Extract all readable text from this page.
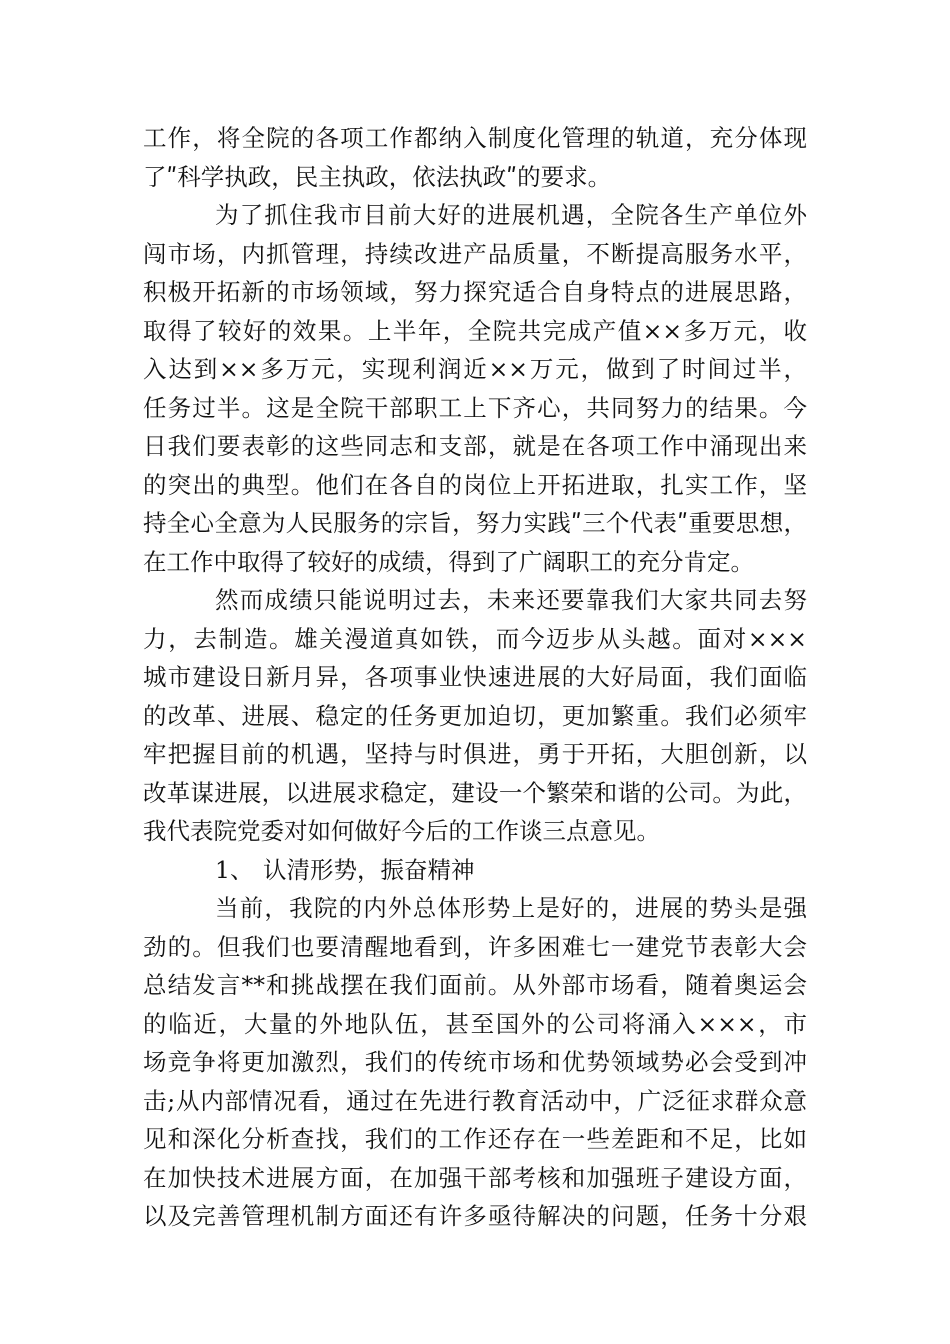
工作，将全院的各项工作都纳入制度化管理的轨道，充分体现
了ʺ科学执政，民主执政，依法执政ʺ的要求。
为了抓住我市目前大好的进展机遇，全院各生产单位外
闯市场，内抓管理，持续改进产品质量，不断提高服务水平，
积极开拓新的市场领域，努力探究适合自身特点的进展思路，
取得了较好的效果。上半年，全院共完成产值××多万元，收
入达到××多万元，实现利润近××万元，做到了时间过半，
任务过半。这是全院干部职工上下齐心，共同努力的结果。今
日我们要表彰的这些同志和支部，就是在各项工作中涌现出来
的突出的典型。他们在各自的岗位上开拓进取，扎实工作，坚
持全心全意为人民服务的宗旨，努力实践ʺ三个代表ʺ重要思想，
在工作中取得了较好的成绩，得到了广阔职工的充分肯定。
然而成绩只能说明过去，未来还要靠我们大家共同去努
力，去制造。雄关漫道真如铁，而今迈步从头越。面对×××
城市建设日新月异，各项事业快速进展的大好局面，我们面临
的改革、进展、稳定的任务更加迫切，更加繁重。我们必须牢
牢把握目前的机遇，坚持与时俱进，勇于开拓，大胆创新，以
改革谋进展，以进展求稳定，建设一个繁荣和谐的公司。为此，
我代表院党委对如何做好今后的工作谈三点意见。
1、 认清形势，振奋精神
当前，我院的内外总体形势上是好的，进展的势头是强
劲的。但我们也要清醒地看到，许多困难七一建党节表彰大会
总结发言**和挑战摆在我们面前。从外部市场看，随着奥运会
的临近，大量的外地队伍，甚至国外的公司将涌入×××，市
场竞争将更加激烈，我们的传统市场和优势领域势必会受到冲
击;从内部情况看，通过在先进行教育活动中，广泛征求群众意
见和深化分析查找，我们的工作还存在一些差距和不足，比如
在加快技术进展方面，在加强干部考核和加强班子建设方面，
以及完善管理机制方面还有许多亟待解决的问题，任务十分艰
